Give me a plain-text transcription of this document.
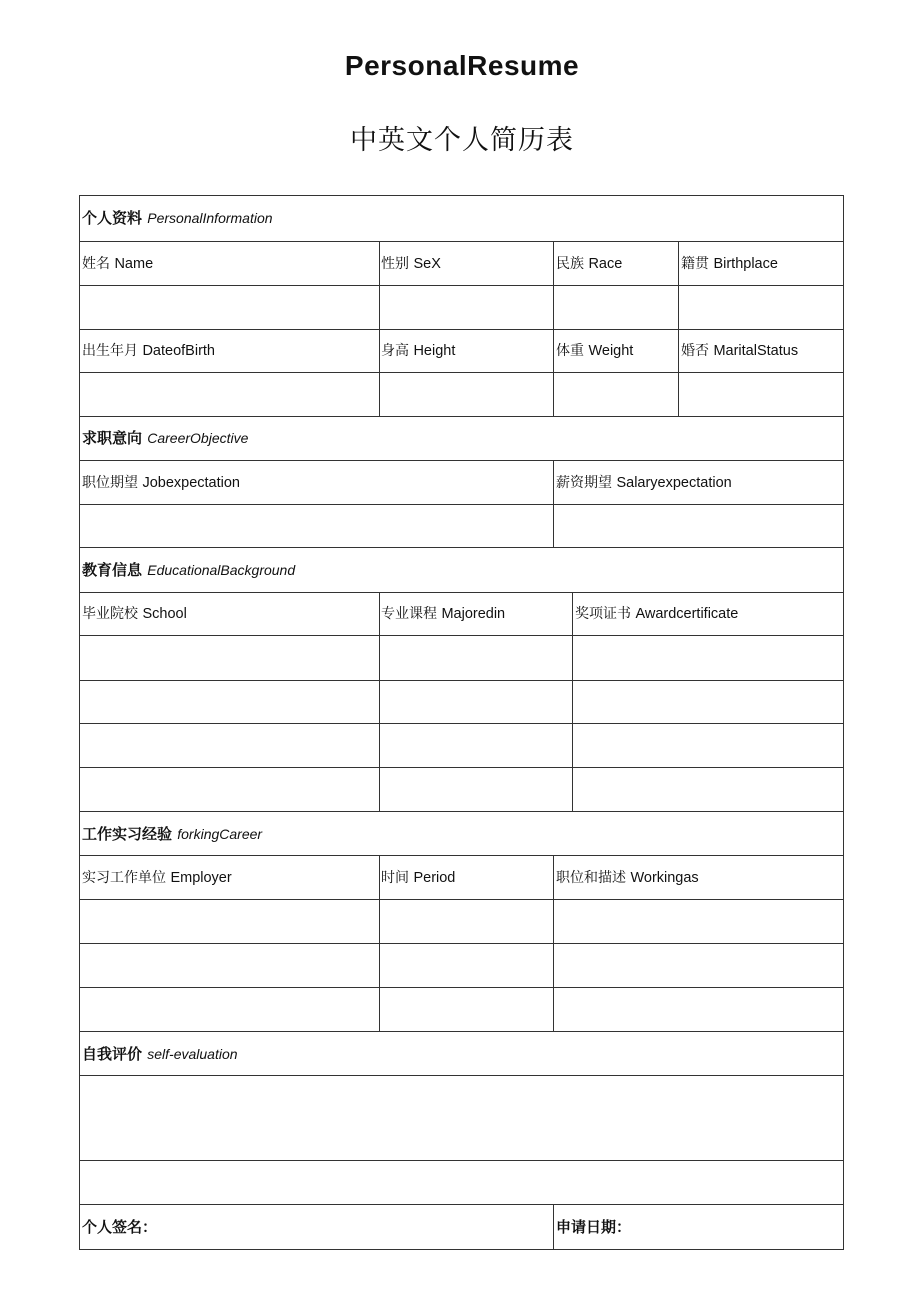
PersonalResume
中英文个人简历表
个人资料 PersonalInformation
姓名 Name	性别 SeX	民族 Race	籍贯 Birthplace
出生年月 DateofBirth	身高 Height	体重 Weight	婚否 MaritalStatus
求职意向 CareerObjective
职位期望 Jobexpectation	薪资期望 Salaryexpectation
教育信息 EducationalBackground
毕业院校 School	专业课程 Majoredin	奖项证书 Awardcertificate
工作实习经验 forkingCareer
实习工作单位 Employer	时间 Period	职位和描述 Workingas
自我评价 self-evaluation
个人签名：	申请日期：
